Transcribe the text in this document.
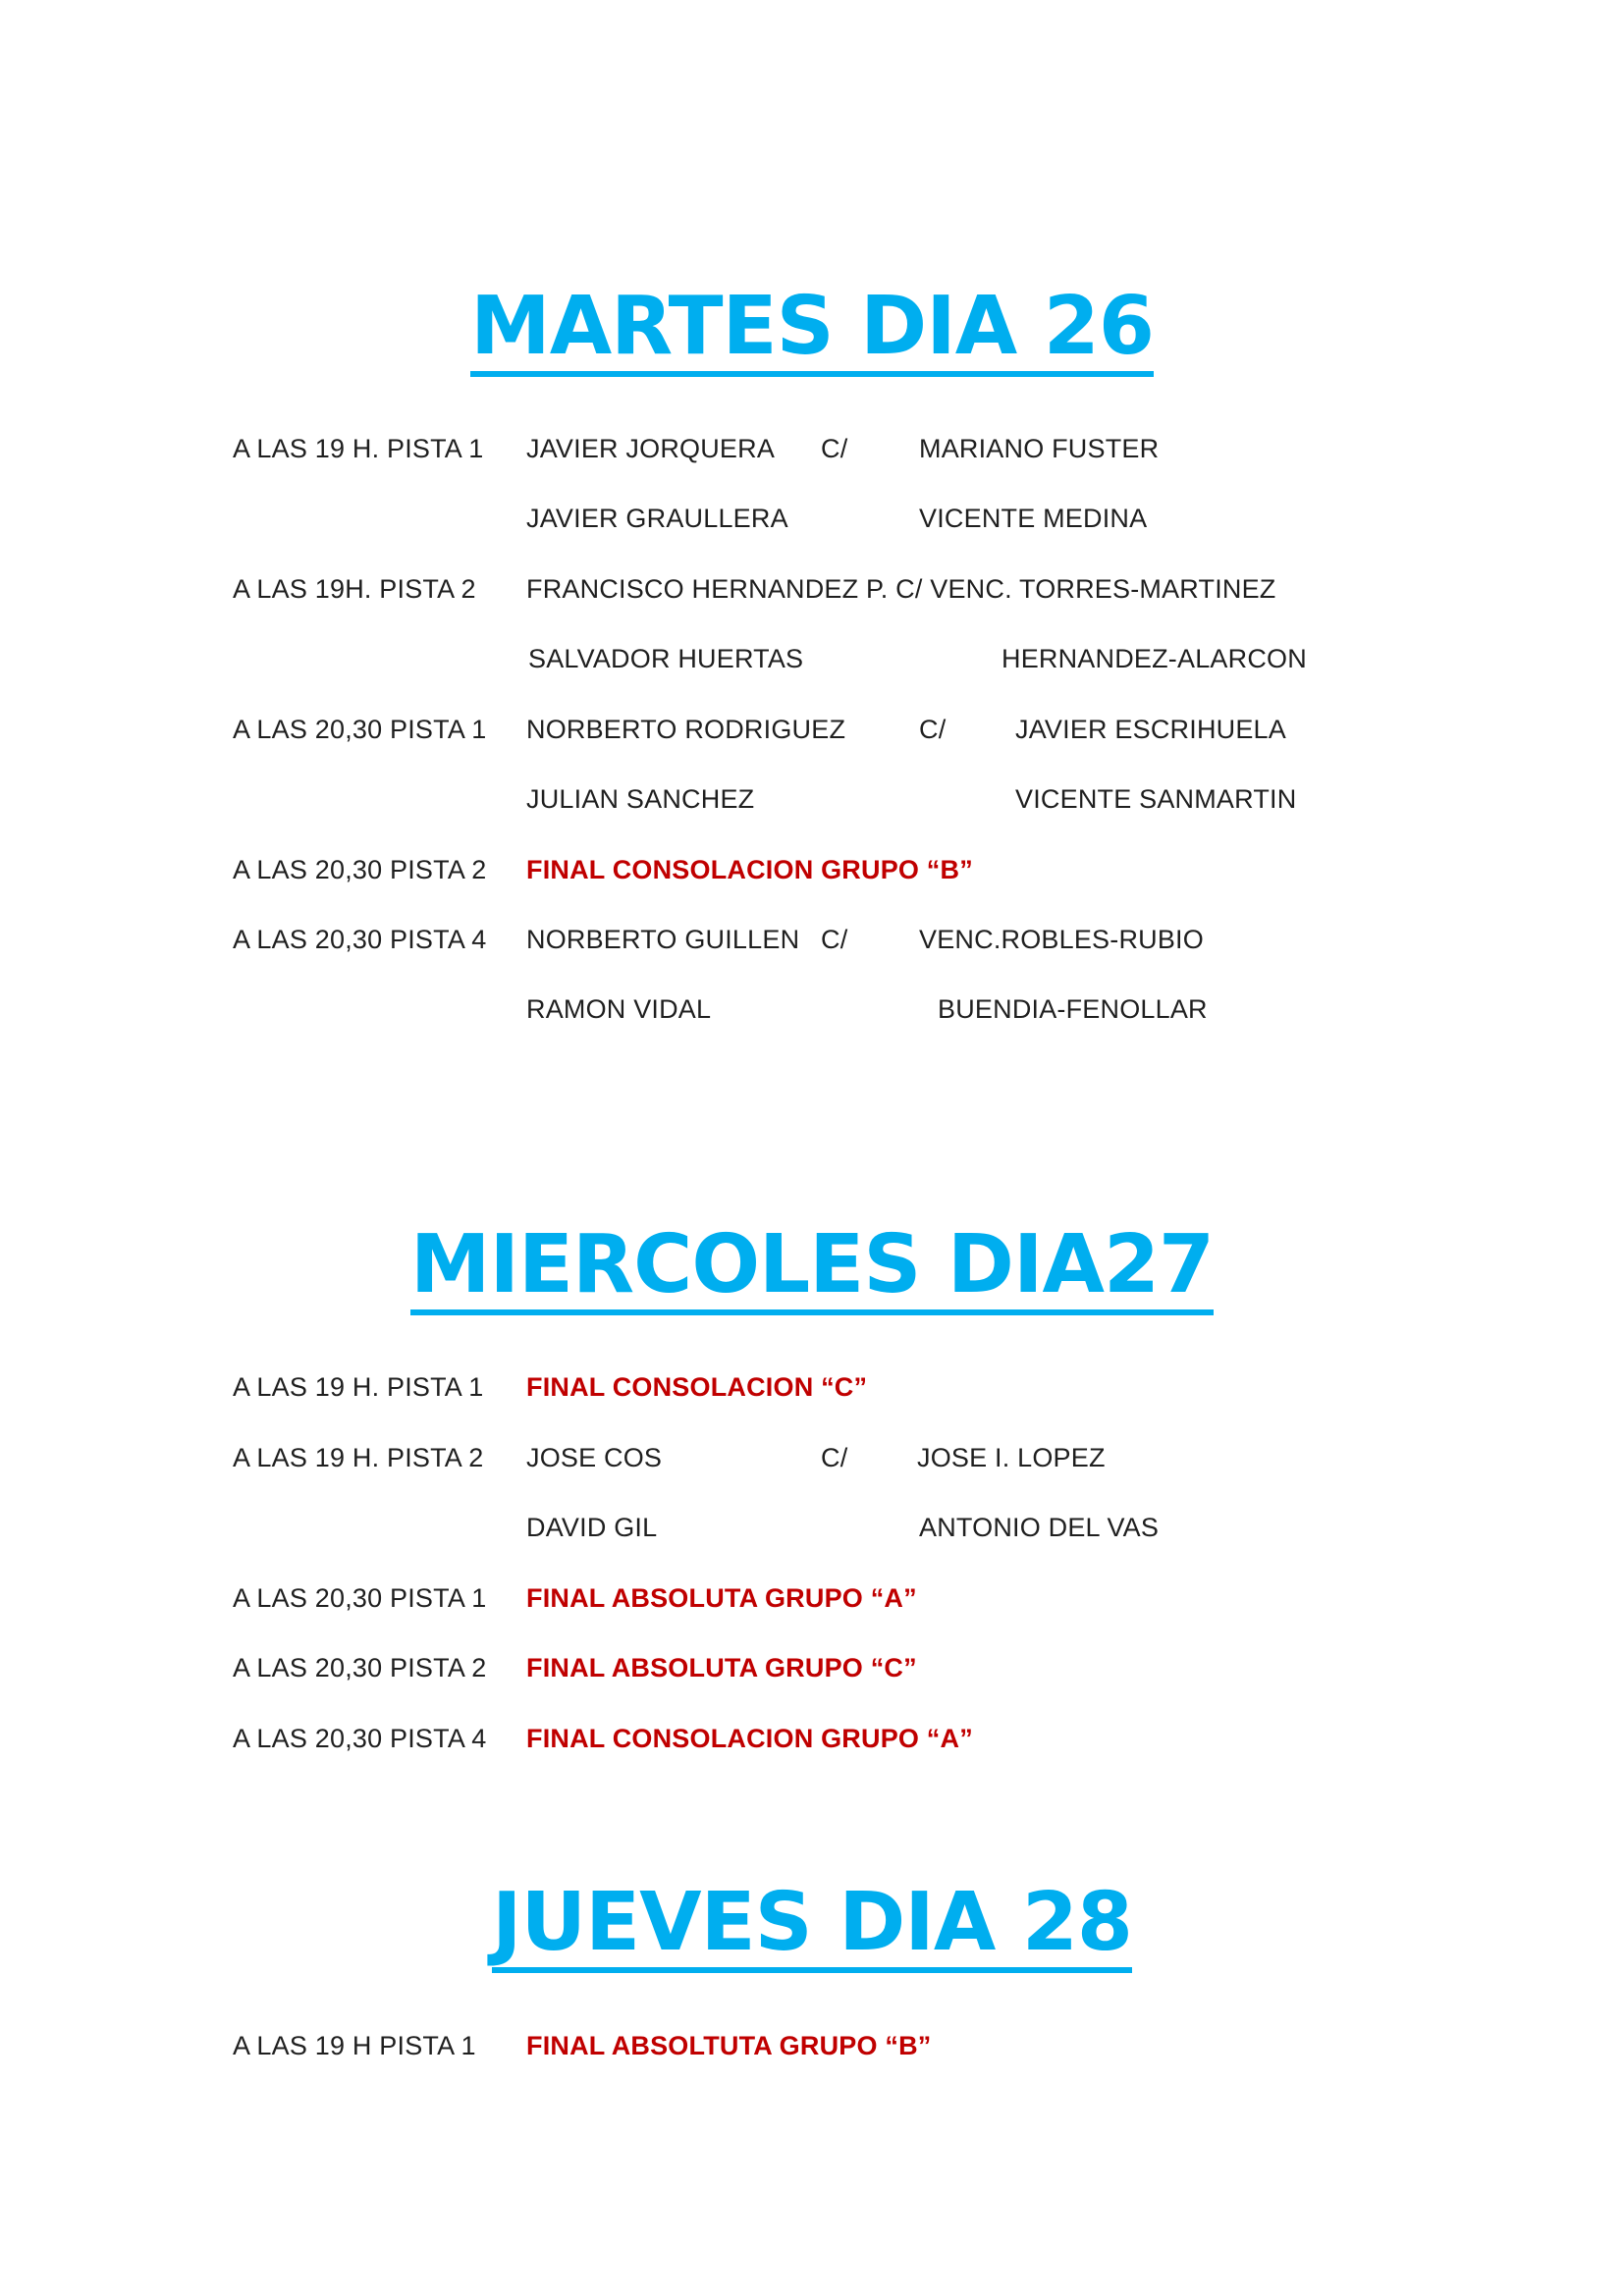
MARTES DIA 26
A LAS 19 H. PISTA 1 JAVIER JORQUERA C/	MARIANO FUSTER
JAVIER GRAULLERA	VICENTE MEDINA
A LAS 19H. PISTA 2 FRANCISCO HERNANDEZ P. C/ VENC. TORRES-MARTINEZ
SALVADOR HUERTAS	HERNANDEZ-ALARCON
A LAS 20,30 PISTA 1 NORBERTO RODRIGUEZ	C/	JAVIER ESCRIHUELA
JULIAN SANCHEZ	VICENTE SANMARTIN
A LAS 20,30 PISTA 2 FINAL CONSOLACION GRUPO “B”
A LAS 20,30 PISTA 4 NORBERTO GUILLEN C/	VENC.ROBLES-RUBIO
RAMON VIDAL	BUENDIA-FENOLLAR
MIERCOLES DIA27
A LAS 19 H. PISTA 1 FINAL CONSOLACION “C”
A LAS 19 H. PISTA 2 JOSE COS	C/	JOSE I. LOPEZ
DAVID GIL	ANTONIO DEL VAS
A LAS 20,30 PISTA 1 FINAL ABSOLUTA GRUPO “A”
A LAS 20,30 PISTA 2 FINAL ABSOLUTA GRUPO “C”
A LAS 20,30 PISTA 4 FINAL CONSOLACION GRUPO “A”
JUEVES DIA 28
A LAS 19 H PISTA 1 FINAL ABSOLTUTA GRUPO “B”
